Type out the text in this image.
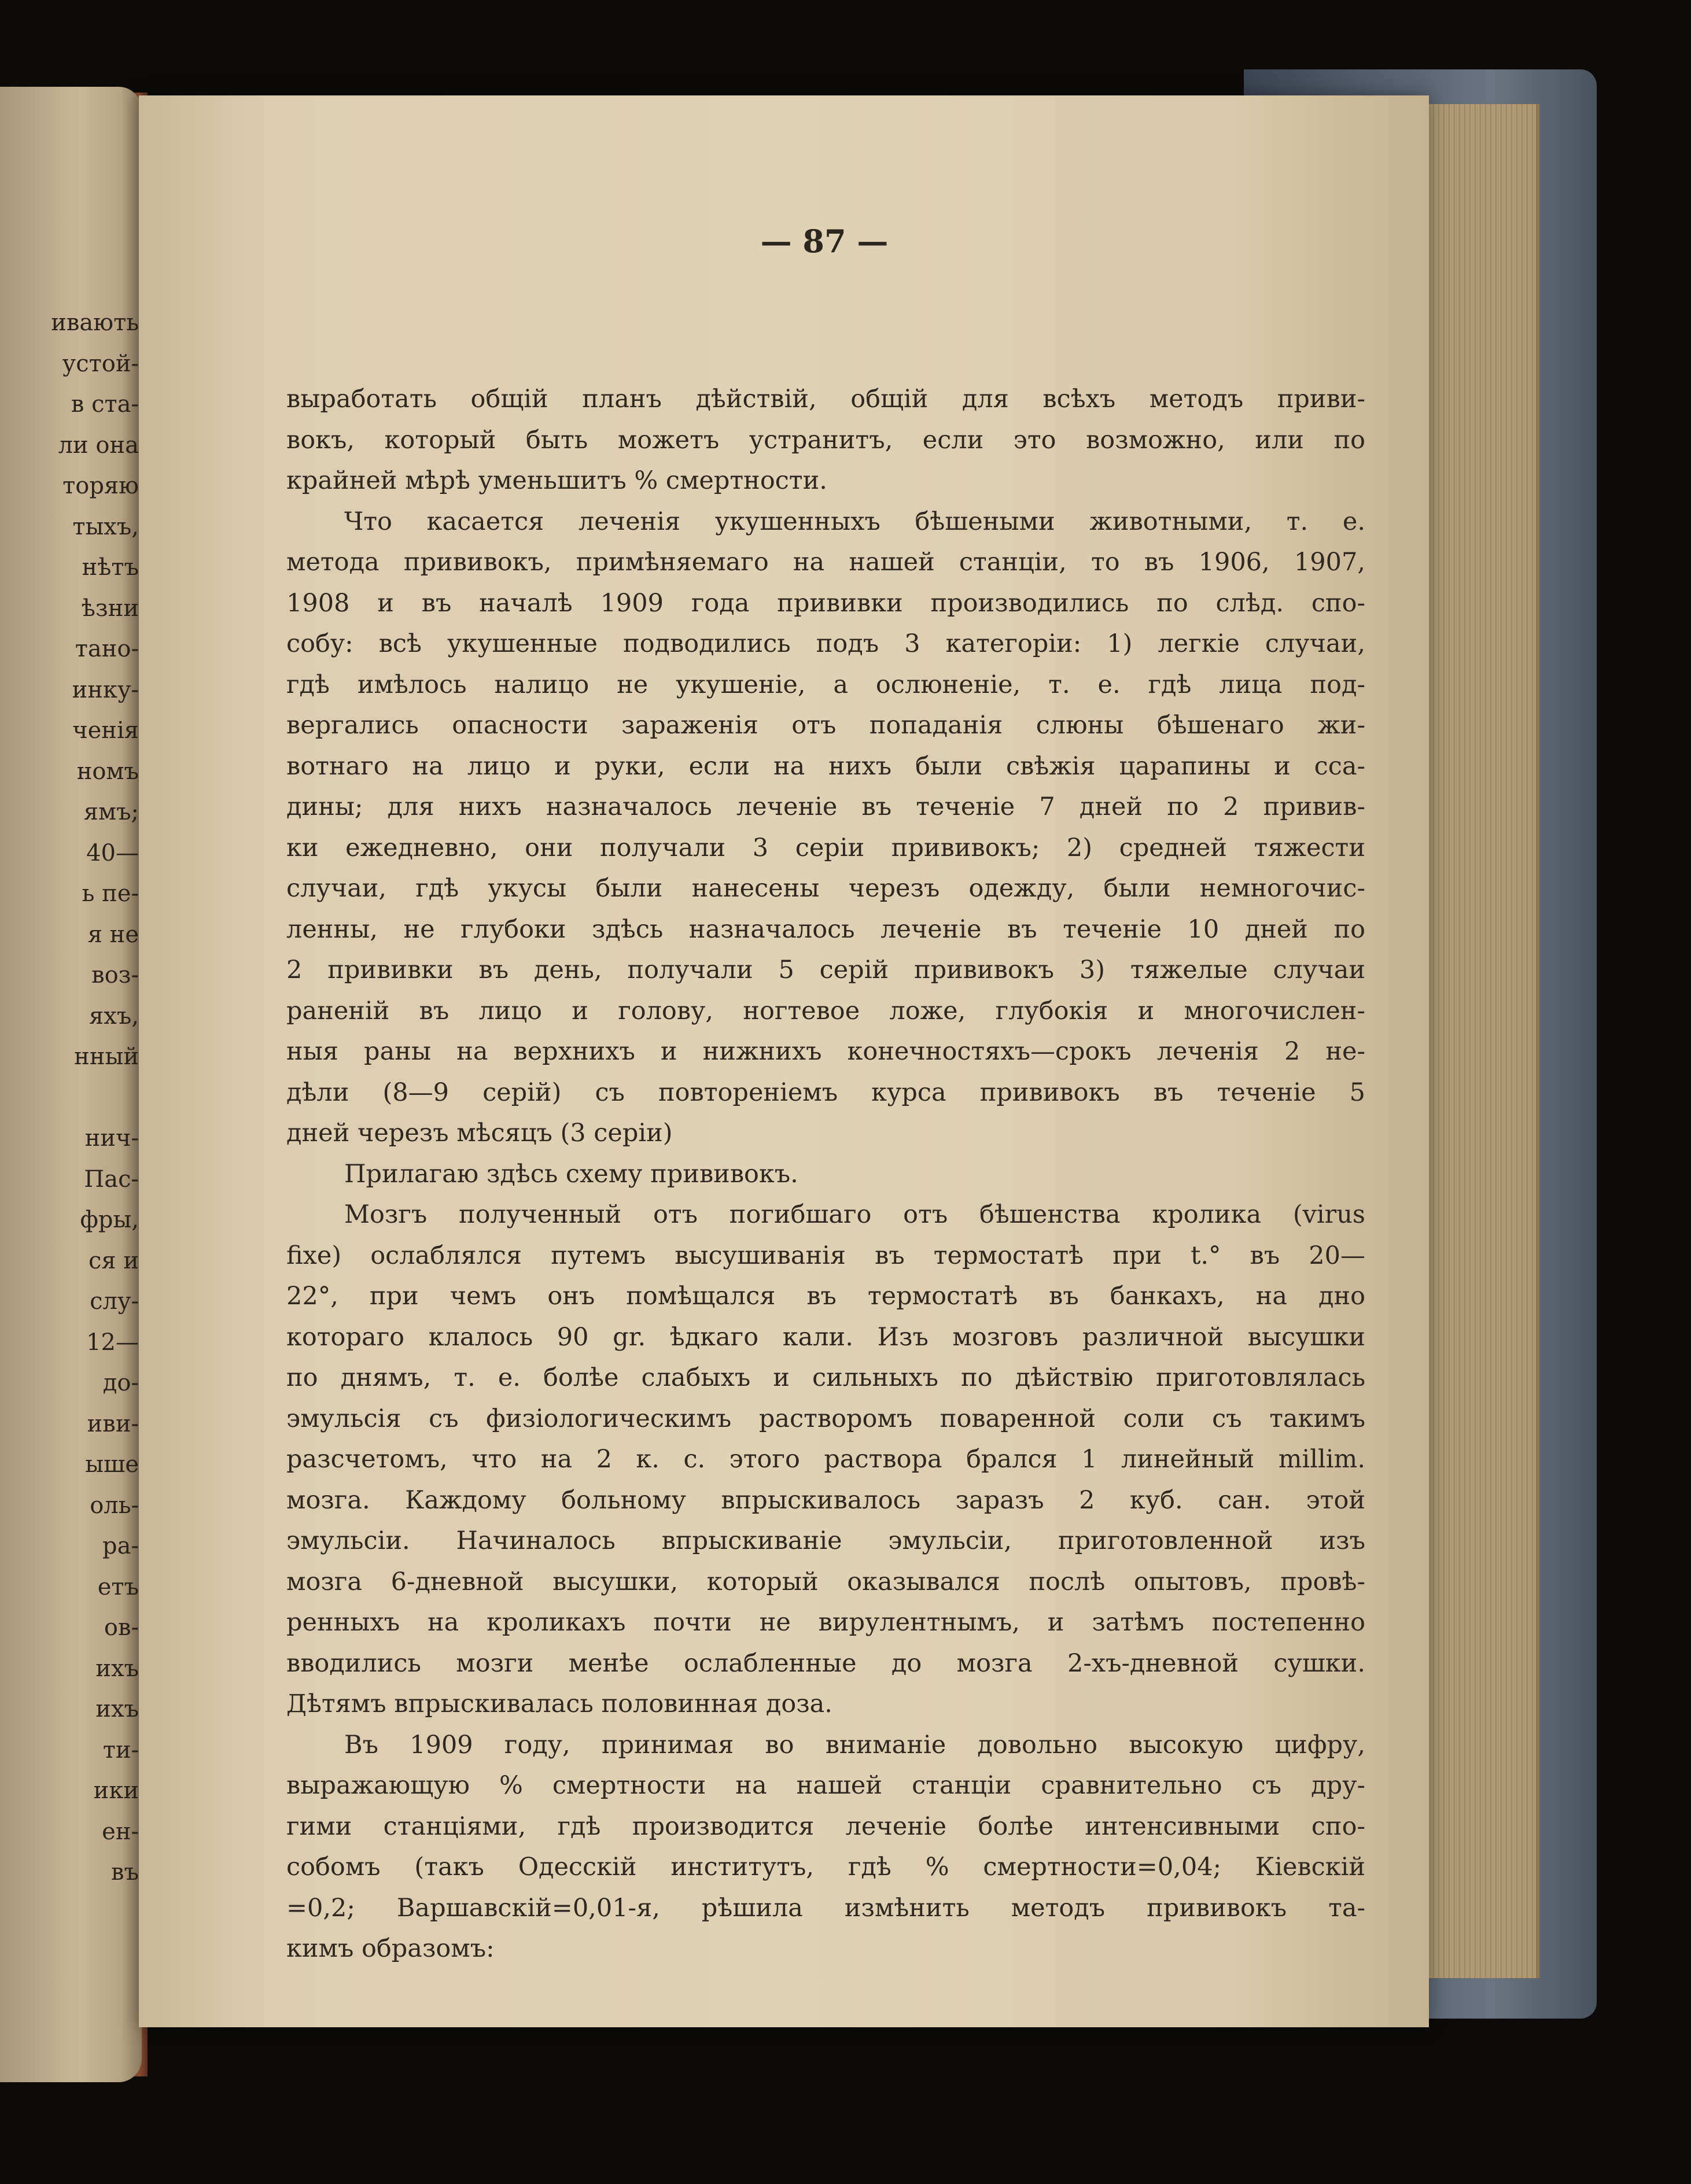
ивають
устой-
в ста-
ли она
торяю
тыхъ,
нѣтъ
ѣзни
тано-
инку-
ченія
номъ
ямъ;
40—
ь пе-
я не
воз-
яхъ,
нный
нич-
Пас-
фры,
ся и
слу-
12—
до-
иви-
ыше
оль-
ра-
етъ
ов-
ихъ
ихъ
ти-
ики
ен-
въ
— 87 —
выработать общій планъ дѣйствій, общій для всѣхъ методъ приви-
вокъ, который быть можетъ устранитъ, если это возможно, или по
крайней мѣрѣ уменьшитъ % смертности.
Что касается леченія укушенныхъ бѣшеными животными, т. е.
метода прививокъ, примѣняемаго на нашей станціи, то въ 1906, 1907,
1908 и въ началѣ 1909 года прививки производились по слѣд. спо-
собу: всѣ укушенные подводились подъ 3 категоріи: 1) легкіе случаи,
гдѣ имѣлось налицо не укушеніе, а ослюненіе, т. е. гдѣ лица под-
вергались опасности зараженія отъ попаданія слюны бѣшенаго жи-
вотнаго на лицо и руки, если на нихъ были свѣжія царапины и сса-
дины; для нихъ назначалось леченіе въ теченіе 7 дней по 2 привив-
ки ежедневно, они получали 3 серіи прививокъ; 2) средней тяжести
случаи, гдѣ укусы были нанесены черезъ одежду, были немногочис-
ленны, не глубоки здѣсь назначалось леченіе въ теченіе 10 дней по
2 прививки въ день, получали 5 серій прививокъ 3) тяжелые случаи
раненій въ лицо и голову, ногтевое ложе, глубокія и многочислен-
ныя раны на верхнихъ и нижнихъ конечностяхъ—срокъ леченія 2 не-
дѣли (8—9 серій) съ повтореніемъ курса прививокъ въ теченіе 5
дней черезъ мѣсяцъ (3 серіи)
Прилагаю здѣсь схему прививокъ.
Мозгъ полученный отъ погибшаго отъ бѣшенства кролика (virus
fixe) ослаблялся путемъ высушиванія въ термостатѣ при t.° въ 20—
22°, при чемъ онъ помѣщался въ термостатѣ въ банкахъ, на дно
котораго клалось 90 gr. ѣдкаго кали. Изъ мозговъ различной высушки
по днямъ, т. е. болѣе слабыхъ и сильныхъ по дѣйствію приготовлялась
эмульсія съ физіологическимъ растворомъ поваренной соли съ такимъ
разсчетомъ, что на 2 к. с. этого раствора брался 1 линейный millim.
мозга. Каждому больному впрыскивалось заразъ 2 куб. сан. этой
эмульсіи. Начиналось впрыскиваніе эмульсіи, приготовленной изъ
мозга 6-дневной высушки, который оказывался послѣ опытовъ, провѣ-
ренныхъ на кроликахъ почти не вирулентнымъ, и затѣмъ постепенно
вводились мозги менѣе ослабленные до мозга 2-хъ-дневной сушки.
Дѣтямъ впрыскивалась половинная доза.
Въ 1909 году, принимая во вниманіе довольно высокую цифру,
выражающую % смертности на нашей станціи сравнительно съ дру-
гими станціями, гдѣ производится леченіе болѣе интенсивными спо-
собомъ (такъ Одесскій институтъ, гдѣ % смертности=0,04; Кіевскій
=0,2; Варшавскій=0,01-я, рѣшила измѣнить методъ прививокъ та-
кимъ образомъ:
